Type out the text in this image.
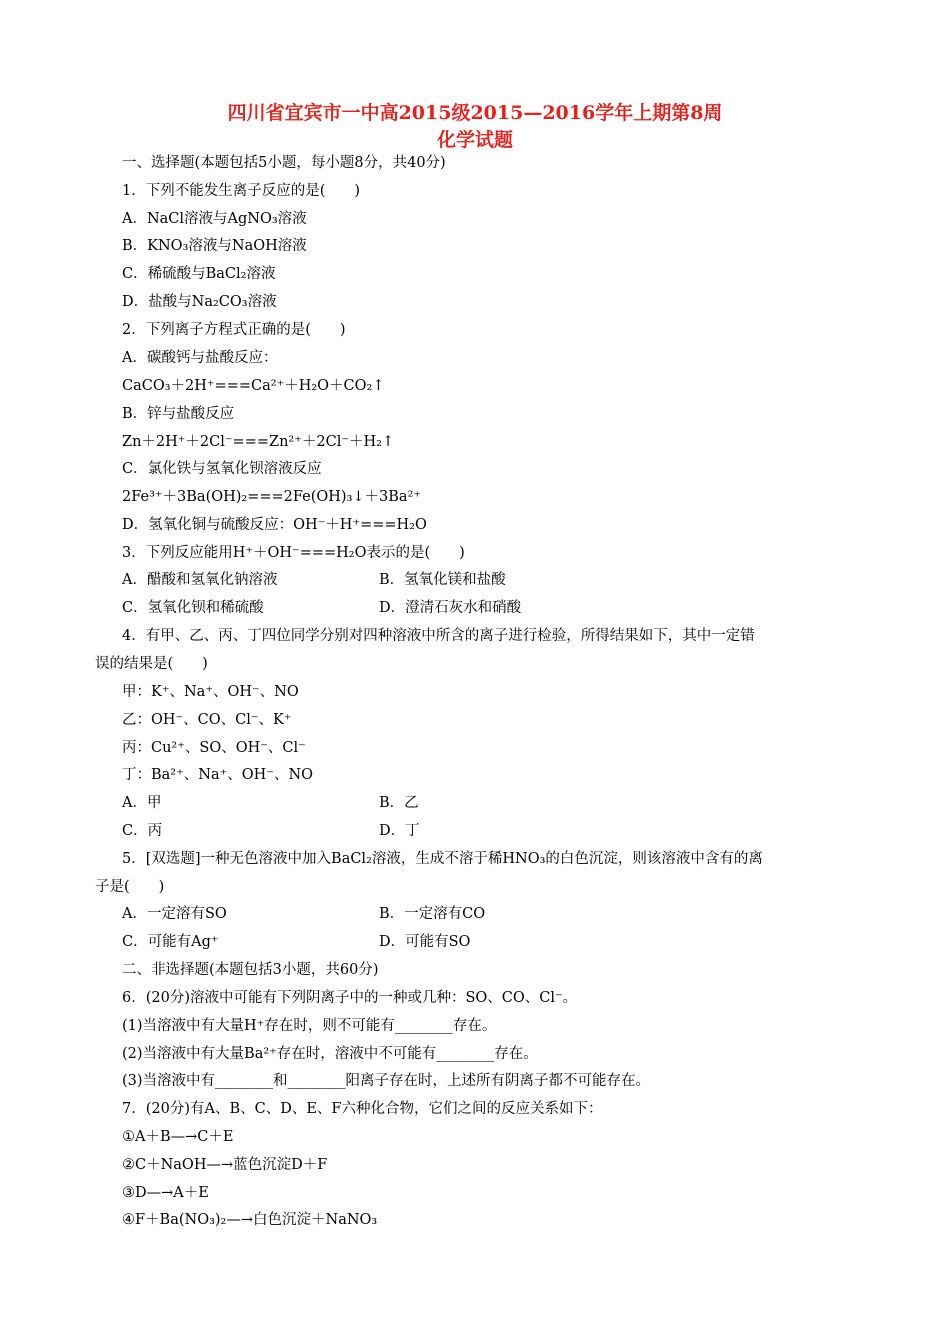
四川省宜宾市一中高2015级2015—2016学年上期第8周
化学试题
一、选择题(本题包括5小题，每小题8分，共40分)
1．下列不能发生离子反应的是(　　)
A．NaCl溶液与AgNO₃溶液
B．KNO₃溶液与NaOH溶液
C．稀硫酸与BaCl₂溶液
D．盐酸与Na₂CO₃溶液
2．下列离子方程式正确的是(　　)
A．碳酸钙与盐酸反应：
CaCO₃＋2H⁺===Ca²⁺＋H₂O＋CO₂↑
B．锌与盐酸反应
Zn＋2H⁺＋2Cl⁻===Zn²⁺＋2Cl⁻＋H₂↑
C．氯化铁与氢氧化钡溶液反应
2Fe³⁺＋3Ba(OH)₂===2Fe(OH)₃↓＋3Ba²⁺
D．氢氧化铜与硫酸反应：OH⁻＋H⁺===H₂O
3．下列反应能用H⁺＋OH⁻===H₂O表示的是(　　)
A．醋酸和氢氧化钠溶液	B．氢氧化镁和盐酸
C．氢氧化钡和稀硫酸	D．澄清石灰水和硝酸
4．有甲、乙、丙、丁四位同学分别对四种溶液中所含的离子进行检验，所得结果如下，其中一定错
误的结果是(　　)
甲：K⁺、Na⁺、OH⁻、NO
乙：OH⁻、CO、Cl⁻、K⁺
丙：Cu²⁺、SO、OH⁻、Cl⁻
丁：Ba²⁺、Na⁺、OH⁻、NO
A．甲	B．乙
C．丙	D．丁
5．[双选题]一种无色溶液中加入BaCl₂溶液，生成不溶于稀HNO₃的白色沉淀，则该溶液中含有的离
子是(　　)
A．一定溶有SO	B．一定溶有CO
C．可能有Ag⁺	D．可能有SO
二、非选择题(本题包括3小题，共60分)
6．(20分)溶液中可能有下列阴离子中的一种或几种：SO、CO、Cl⁻。
(1)当溶液中有大量H⁺存在时，则不可能有________存在。
(2)当溶液中有大量Ba²⁺存在时，溶液中不可能有________存在。
(3)当溶液中有________和________阳离子存在时，上述所有阴离子都不可能存在。
7．(20分)有A、B、C、D、E、F六种化合物，它们之间的反应关系如下：
①A＋B—→C＋E
②C＋NaOH—→蓝色沉淀D＋F
③D—→A＋E
④F＋Ba(NO₃)₂—→白色沉淀＋NaNO₃
